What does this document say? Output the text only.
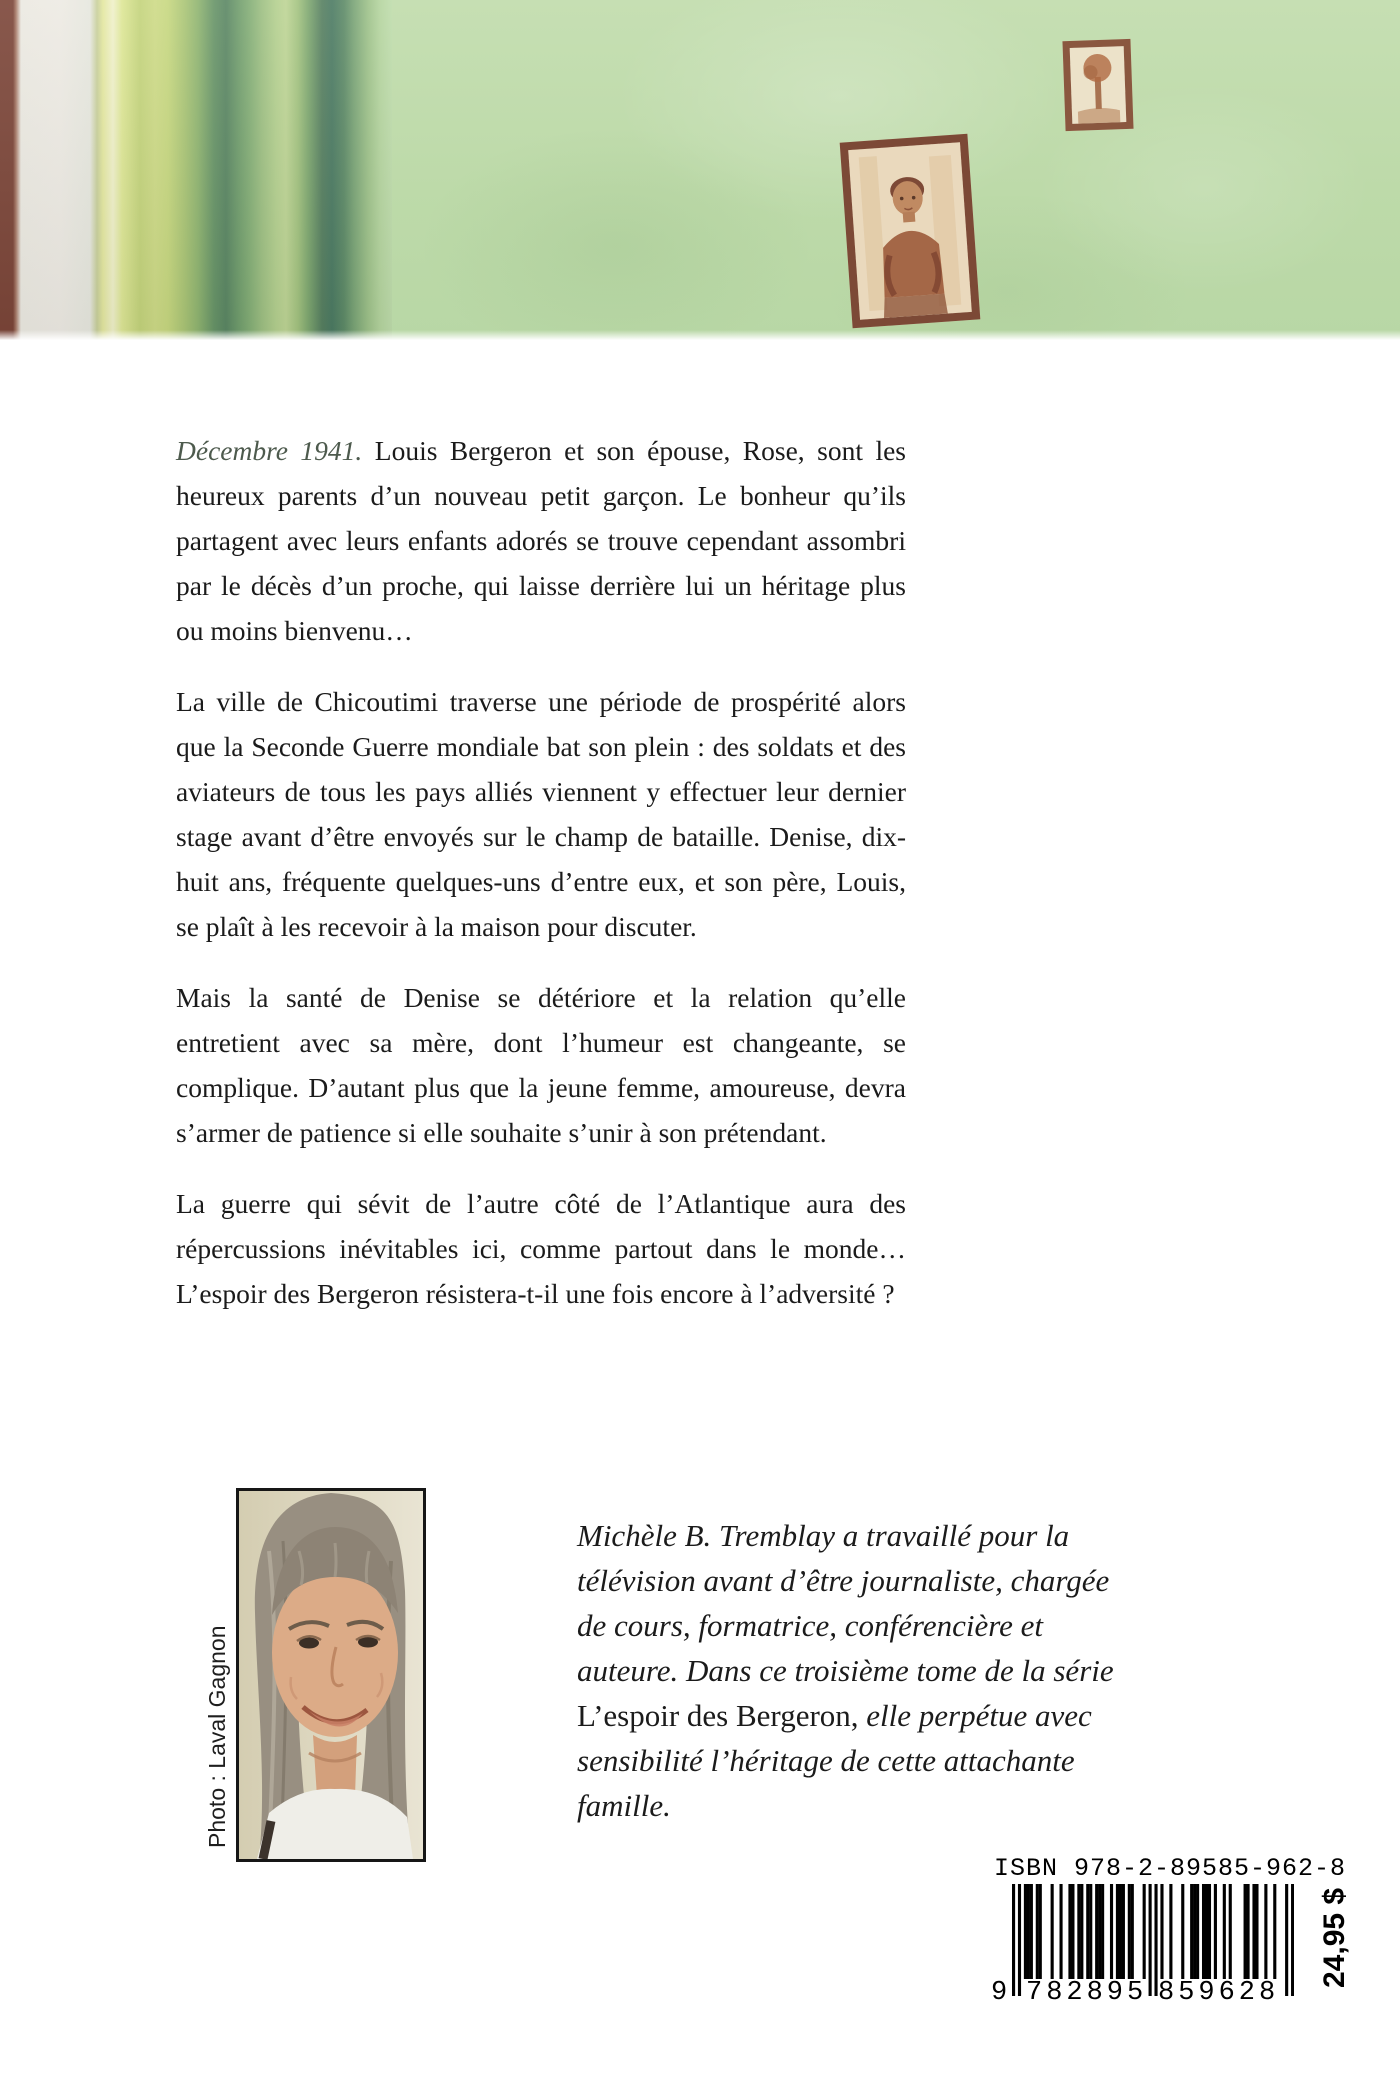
Décembre 1941. Louis Bergeron et son épouse, Rose, sont les heureux parents d’un nouveau petit garçon. Le bonheur qu’ils partagent avec leurs enfants adorés se trouve cependant assombri par le décès d’un proche, qui laisse derrière lui un héritage plus ou moins bienvenu…

La ville de Chicoutimi traverse une période de prospérité alors que la Seconde Guerre mondiale bat son plein : des soldats et des aviateurs de tous les pays alliés viennent y effectuer leur dernier stage avant d’être envoyés sur le champ de bataille. Denise, dix-huit ans, fréquente quelques-uns d’entre eux, et son père, Louis, se plaît à les recevoir à la maison pour discuter.

Mais la santé de Denise se détériore et la relation qu’elle entretient avec sa mère, dont l’humeur est changeante, se complique. D’autant plus que la jeune femme, amoureuse, devra s’armer de patience si elle souhaite s’unir à son prétendant.

La guerre qui sévit de l’autre côté de l’Atlantique aura des répercussions inévitables ici, comme partout dans le monde… L’espoir des Bergeron résistera-t-il une fois encore à l’adversité ?

Photo : Laval Gagnon
Michèle B. Tremblay a travaillé pour la télévision avant d’être journaliste, chargée de cours, formatrice, conférencière et auteure. Dans ce troisième tome de la série L’espoir des Bergeron, elle perpétue avec sensibilité l’héritage de cette attachante famille.
ISBN 978-2-89585-962-8
9 782895 859628
24,95 $
